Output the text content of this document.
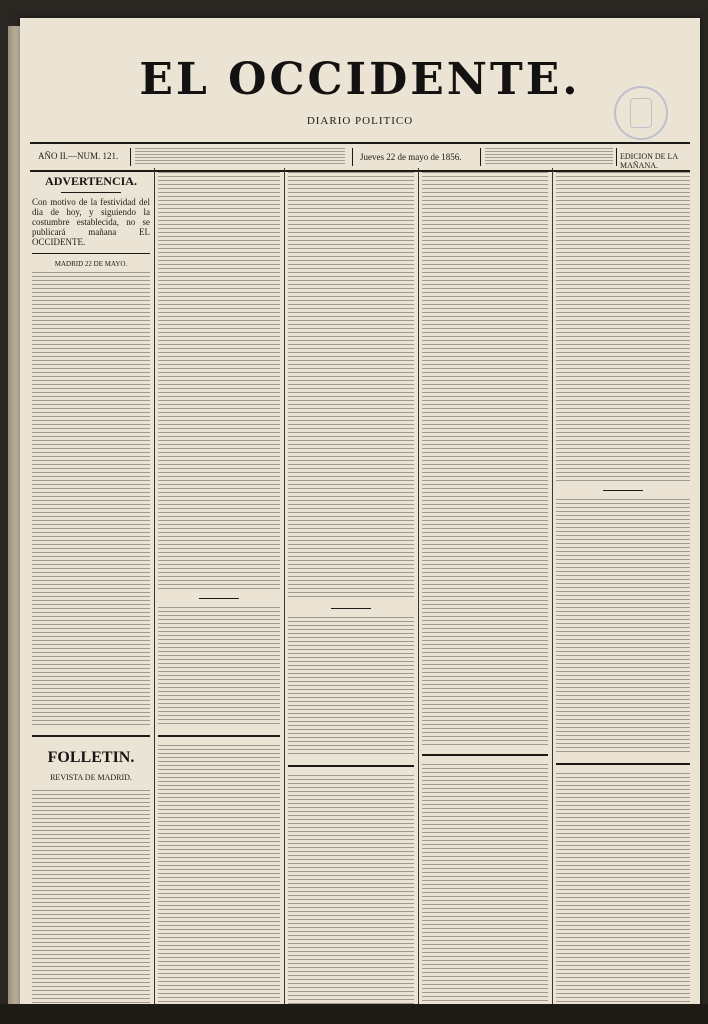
EL OCCIDENTE.
DIARIO POLITICO
AÑO II.—NUM. 121.	Jueves 22 de mayo de 1856.	EDICION DE LA MAÑANA.
ADVERTENCIA.
Con motivo de la festividad del dia de hoy, y siguiendo la costumbre establecida, no se publicará mañana EL OCCIDENTE.
MADRID 22 DE MAYO.
FOLLETIN.
REVISTA DE MADRID.
